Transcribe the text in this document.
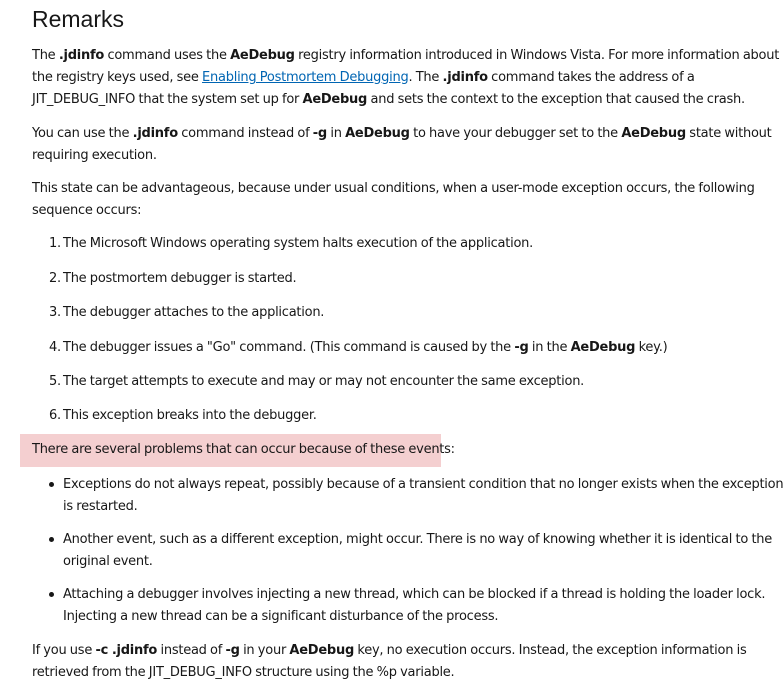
Remarks
The .jdinfo command uses the AeDebug registry information introduced in Windows Vista. For more information about
the registry keys used, see Enabling Postmortem Debugging. The .jdinfo command takes the address of a
JIT_DEBUG_INFO that the system set up for AeDebug and sets the context to the exception that caused the crash.
You can use the .jdinfo command instead of -g in AeDebug to have your debugger set to the AeDebug state without
requiring execution.
This state can be advantageous, because under usual conditions, when a user-mode exception occurs, the following
sequence occurs:
1. The Microsoft Windows operating system halts execution of the application.
2. The postmortem debugger is started.
3. The debugger attaches to the application.
4. The debugger issues a "Go" command. (This command is caused by the -g in the AeDebug key.)
5. The target attempts to execute and may or may not encounter the same exception.
6. This exception breaks into the debugger.
There are several problems that can occur because of these events:
Exceptions do not always repeat, possibly because of a transient condition that no longer exists when the exception
is restarted.
Another event, such as a different exception, might occur. There is no way of knowing whether it is identical to the
original event.
Attaching a debugger involves injecting a new thread, which can be blocked if a thread is holding the loader lock.
Injecting a new thread can be a significant disturbance of the process.
If you use -c .jdinfo instead of -g in your AeDebug key, no execution occurs. Instead, the exception information is
retrieved from the JIT_DEBUG_INFO structure using the %p variable.
